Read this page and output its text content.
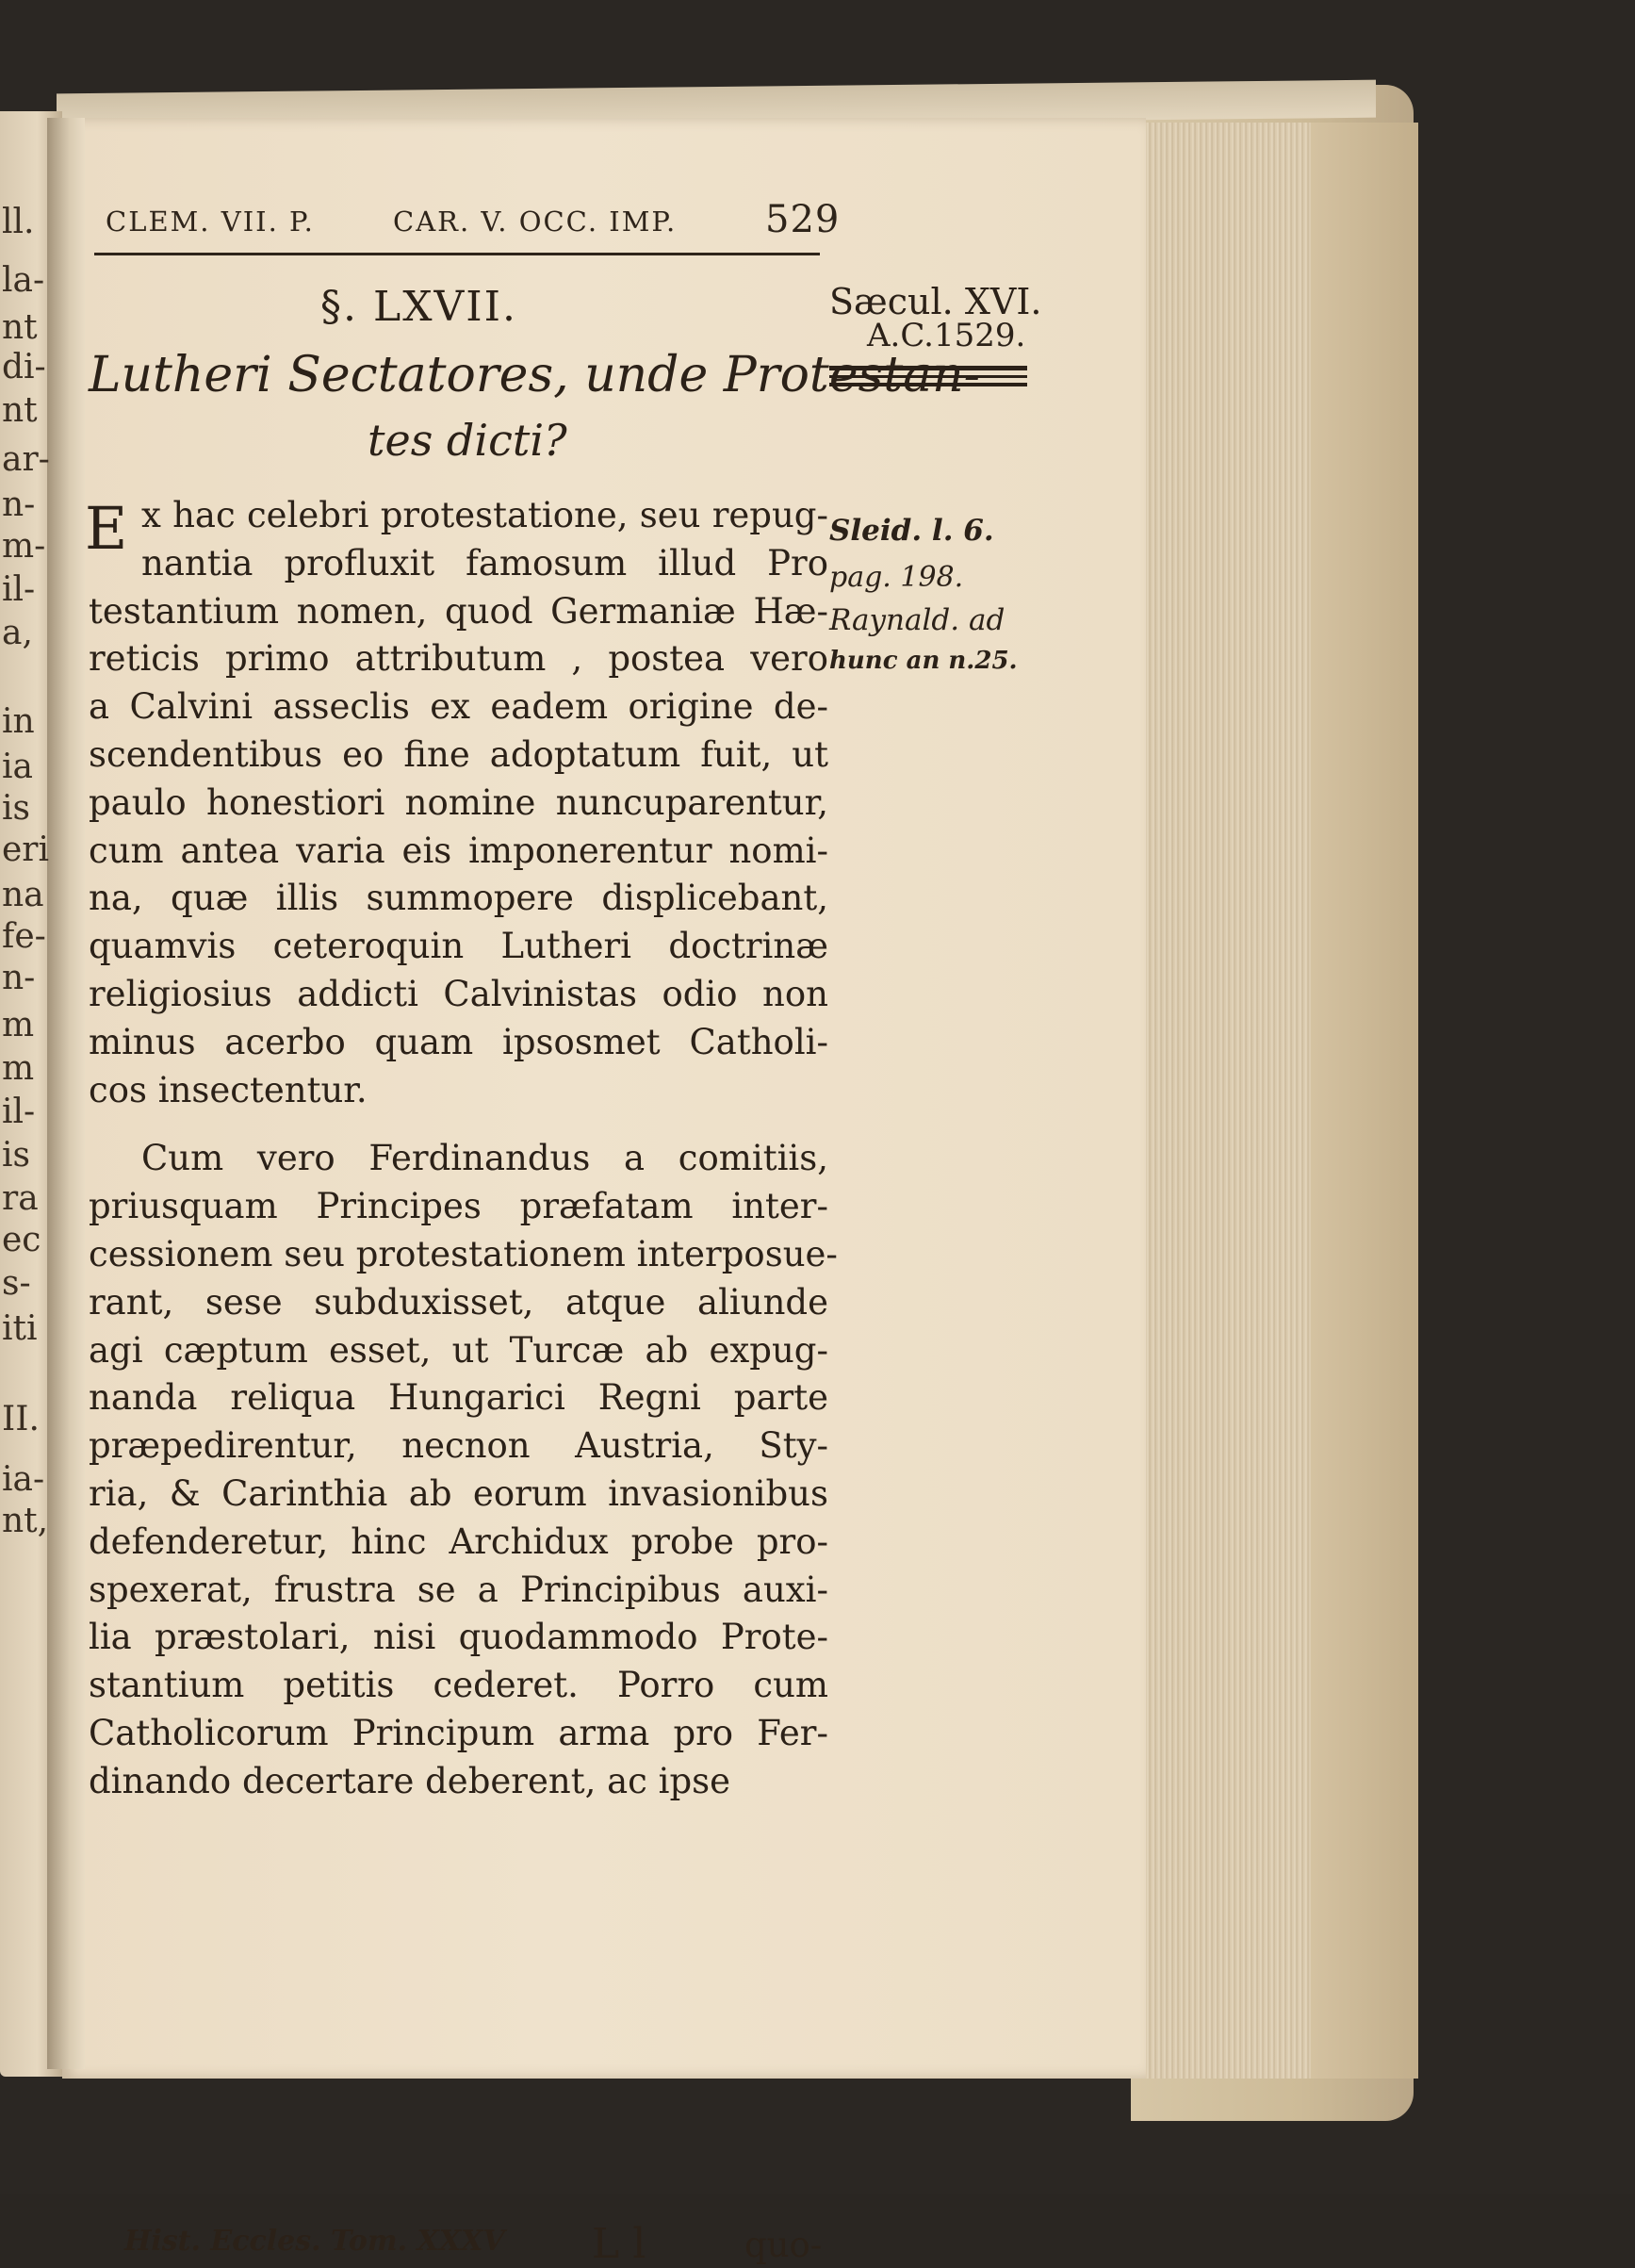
ll.
la-
nt
di-
nt
ar-
n-
m-
il-
a,
in
ia
is
eri
na
fe-
n-
m
m
il-
is
ra
ec
s-
iti
II.
ia-
nt,
CLEM. VII. P.	CAR. V. OCC. IMP. 529
Sæcul. XVI.
A.C.1529.
Sleid. l. 6.
pag. 198.
Raynald. ad
hunc an n.25.
§. LXVII.
Lutheri Sectatores, unde Protestan-
tes dicti?
E x hac celebri protestatione, seu repug-
nantia profluxit famosum illud Pro
testantium nomen, quod Germaniæ Hæ-
reticis primo attributum , postea vero
a Calvini asseclis ex eadem origine de-
scendentibus eo fine adoptatum fuit, ut
paulo honestiori nomine nuncuparentur,
cum antea varia eis imponerentur nomi-
na, quæ illis summopere displicebant,
quamvis ceteroquin Lutheri doctrinæ
religiosius addicti Calvinistas odio non
minus acerbo quam ipsosmet Catholi-
cos insectentur.
Cum vero Ferdinandus a comitiis,
priusquam Principes præfatam inter-
cessionem seu protestationem interposue-
rant, sese subduxisset, atque aliunde
agi cæptum esset, ut Turcæ ab expug-
nanda reliqua Hungarici Regni parte
præpedirentur, necnon Austria, Sty-
ria, & Carinthia ab eorum invasionibus
defenderetur, hinc Archidux probe pro-
spexerat, frustra se a Principibus auxi-
lia præstolari, nisi quodammodo Prote-
stantium petitis cederet. Porro cum
Catholicorum Principum arma pro Fer-
dinando decertare deberent, ac ipse
Hist. Eccles. Tom. XXXV L l	quo-
